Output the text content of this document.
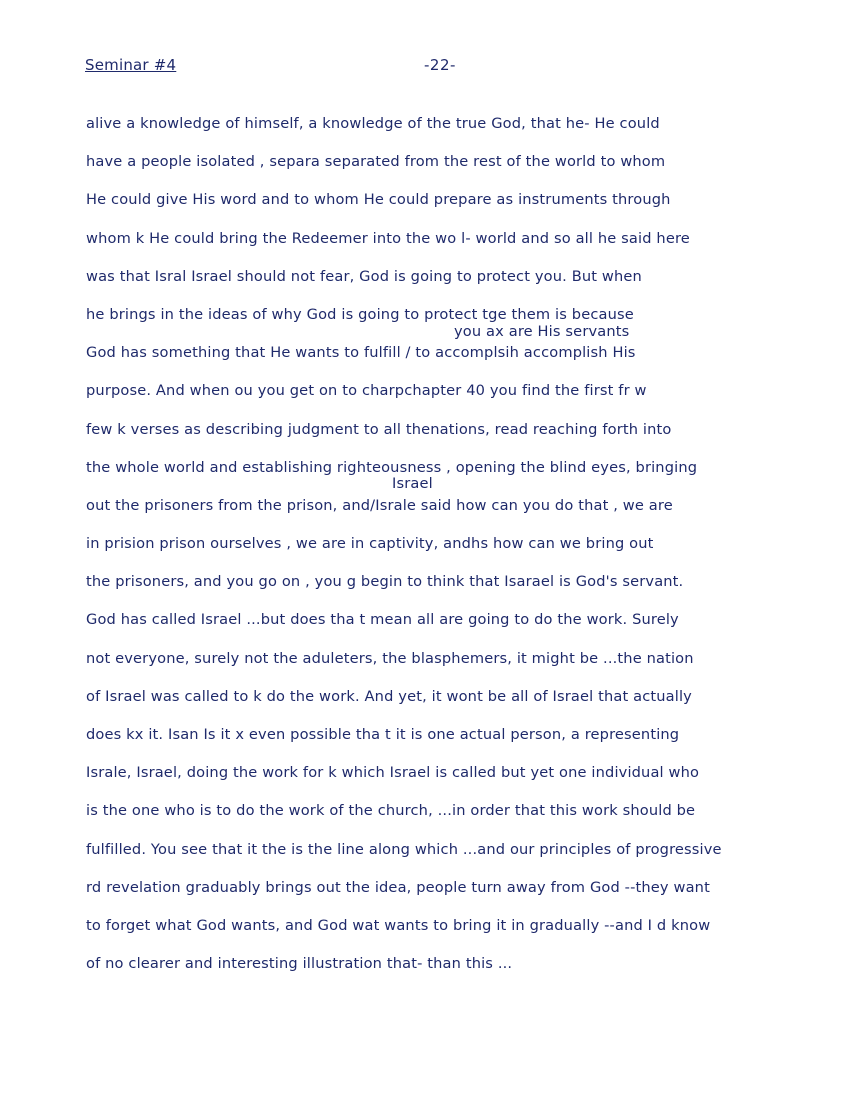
Seminar #4	-22-
you ax are His servants
Israel
alive a knowledge of himself, a knowledge of the true God, that he- He could
have a people isolated , separa separated from the rest of the world to whom
He could give His word and to whom He could prepare as instruments through
whom k He could bring the Redeemer into the wo l- world and so all he said here
was that Isral Israel should not fear, God is going to protect you. But when
he brings in the ideas of why God is going to protect tge them is because
God has something that He wants to fulfill / to accomplsih accomplish His
purpose. And when ou you get on to charpchapter 40 you find the first fr w
few k verses as describing judgment to all thenations, read reaching forth into
the whole world and establishing righteousness , opening the blind eyes, bringing
out the prisoners from the prison, and/Israle said how can you do that , we are
in prision prison ourselves , we are in captivity, andhs how can we bring out
the prisoners, and you go on , you g begin to think that Isarael is God's servant.
God has called Israel ...but does tha t mean all are going to do the work. Surely
not everyone, surely not the aduleters, the blasphemers, it might be ...the nation
of Israel was called to k do the work. And yet, it wont be all of Israel that actually
does kx it. Isan Is it x even possible tha t it is one actual person, a representing
Israle, Israel, doing the work for k which Israel is called but yet one individual who
is the one who is to do the work of the church, ...in order that this work should be
fulfilled. You see that it the is the line along which ...and our principles of progressive
rd revelation graduably brings out the idea, people turn away from God --they want
to forget what God wants, and God wat wants to bring it in gradually --and I d know
of no clearer and interesting illustration that- than this ...
